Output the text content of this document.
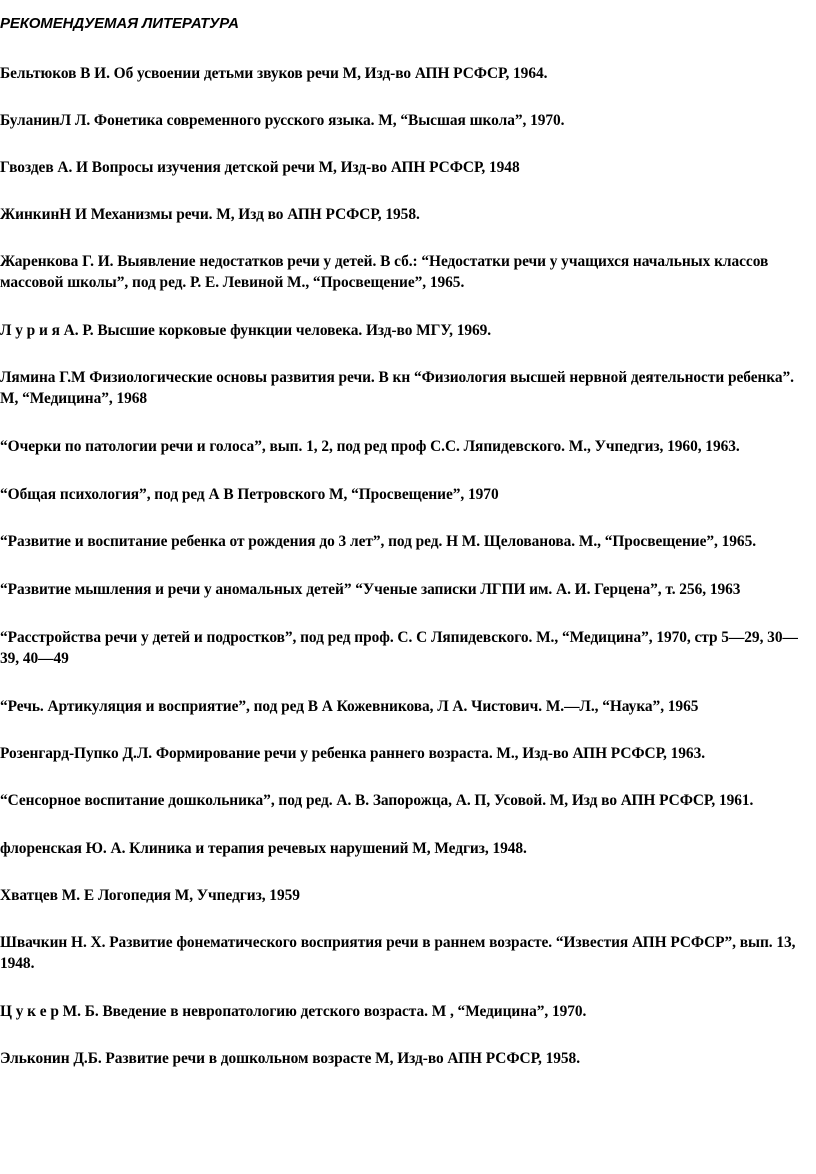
РЕКОМЕНДУЕМАЯ ЛИТЕРАТУРА
Бельтюков В И. Об усвоении детьми звуков речи М, Изд-во АПН РСФСР, 1964.
БуланинЛ Л. Фонетика современного русского языка. М, “Высшая школа”, 1970.
Гвоздев А. И Вопросы изучения детской речи М, Изд-во АПН РСФСР, 1948
ЖинкинН И Механизмы речи. М, Изд во АПН РСФСР, 1958.
Жаренкова Г. И. Выявление недостатков речи у детей. В сб.: “Недостатки речи у учащихся начальных классов массовой школы”, под ред. Р. Е. Левиной М., “Просвещение”, 1965.
Л у р и я А. Р. Высшие корковые функции человека. Изд-во МГУ, 1969.
Лямина Г.М Физиологические основы развития речи. В кн “Физиология высшей нервной деятельности ребенка”. М, “Медицина”, 1968
“Очерки по патологии речи и голоса”, вып. 1, 2, под ред проф С.С. Ляпидевского. М., Учпедгиз, 1960, 1963.
“Общая психология”, под ред А В Петровского М, “Просвещение”, 1970
“Развитие и воспитание ребенка от рождения до 3 лет”, под ред. Н М. Щелованова. М., “Просвещение”, 1965.
“Развитие мышления и речи у аномальных детей” “Ученые записки ЛГПИ им. А. И. Герцена”, т. 256, 1963
“Расстройства речи у детей и подростков”, под ред проф. С. С Ляпидевского. М., “Медицина”, 1970, стр 5—29, 30—39, 40—49
“Речь. Артикуляция и восприятие”, под ред В А Кожевникова, Л А. Чистович. М.—Л., “Наука”, 1965
Розенгард-Пупко Д.Л. Формирование речи у ребенка раннего возраста. М., Изд-во АПН РСФСР, 1963.
“Сенсорное воспитание дошкольника”, под ред. А. В. Запорожца, А. П, Усовой. М, Изд во АПН РСФСР, 1961.
флоренская Ю. А. Клиника и терапия речевых нарушений М, Медгиз, 1948.
Хватцев М. Е Логопедия М, Учпедгиз, 1959
Швачкин Н. Х. Развитие фонематического восприятия речи в раннем возрасте. “Известия АПН РСФСР”, вып. 13, 1948.
Ц у к е р М. Б. Введение в невропатологию детского возраста. М , “Медицина”, 1970.
Эльконин Д.Б. Развитие речи в дошкольном возрасте М, Изд-во АПН РСФСР, 1958.
